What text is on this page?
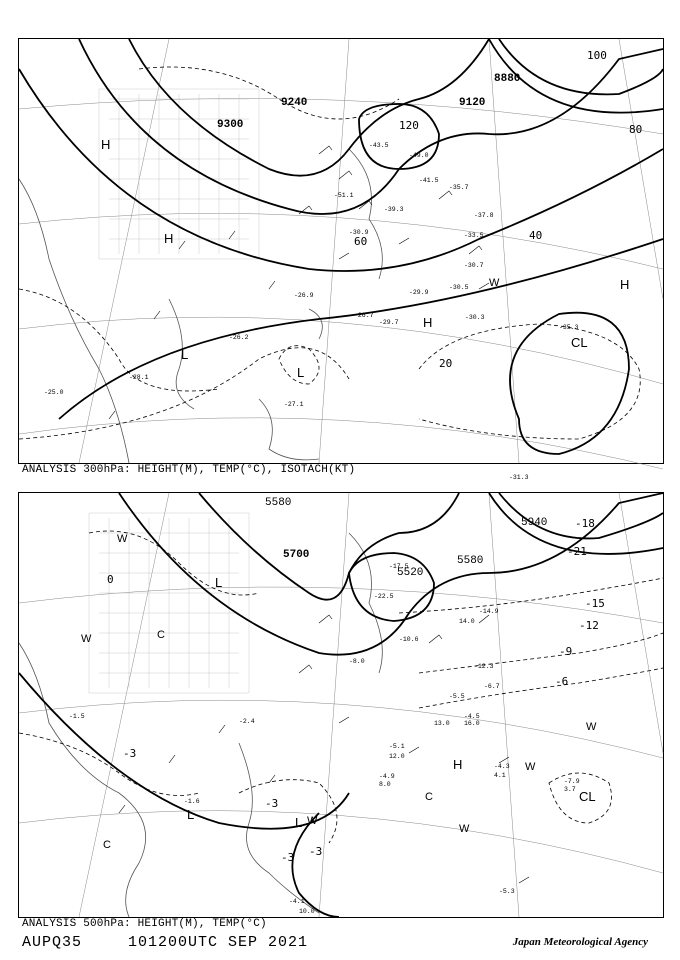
-43.5
-41.5
-39.3
-37.8
-35.7
-33.5
-30.9
-30.7
-30.5
-30.3
-29.9
-29.7
-26.9
-26.7
-31.3
-28.1
-27.1
-26.2
-25.0
-35.3
-51.1
-49.0
9120
9240
9300
8880
20
40
60
80
100
120
H
H
H
H
L
L
CL
W
ANALYSIS 300hPa: HEIGHT(M), TEMP(°C), ISOTACH(KT)
-17.5
-22.5
-14.9
-12.3
-10.6
-8.0
-6.7
-5.5
-5.1
-4.9
-4.5
-4.3
-4.1
-2.4
-1.6
12.0
10.0
8.0
4.1
3.7
14.0
16.0
13.0
-5.3
-7.9
-1.5
5580
5700
5520
5580
5940
-21
-18
-15
-12
-9
-6
-3
0
-3
-3
-3
W
W
W
W
W
W
C
C
C
H
L
L
L
CL
ANALYSIS 500hPa: HEIGHT(M), TEMP(°C)
AUPQ35	101200UTC SEP 2021	Japan Meteorological Agency
